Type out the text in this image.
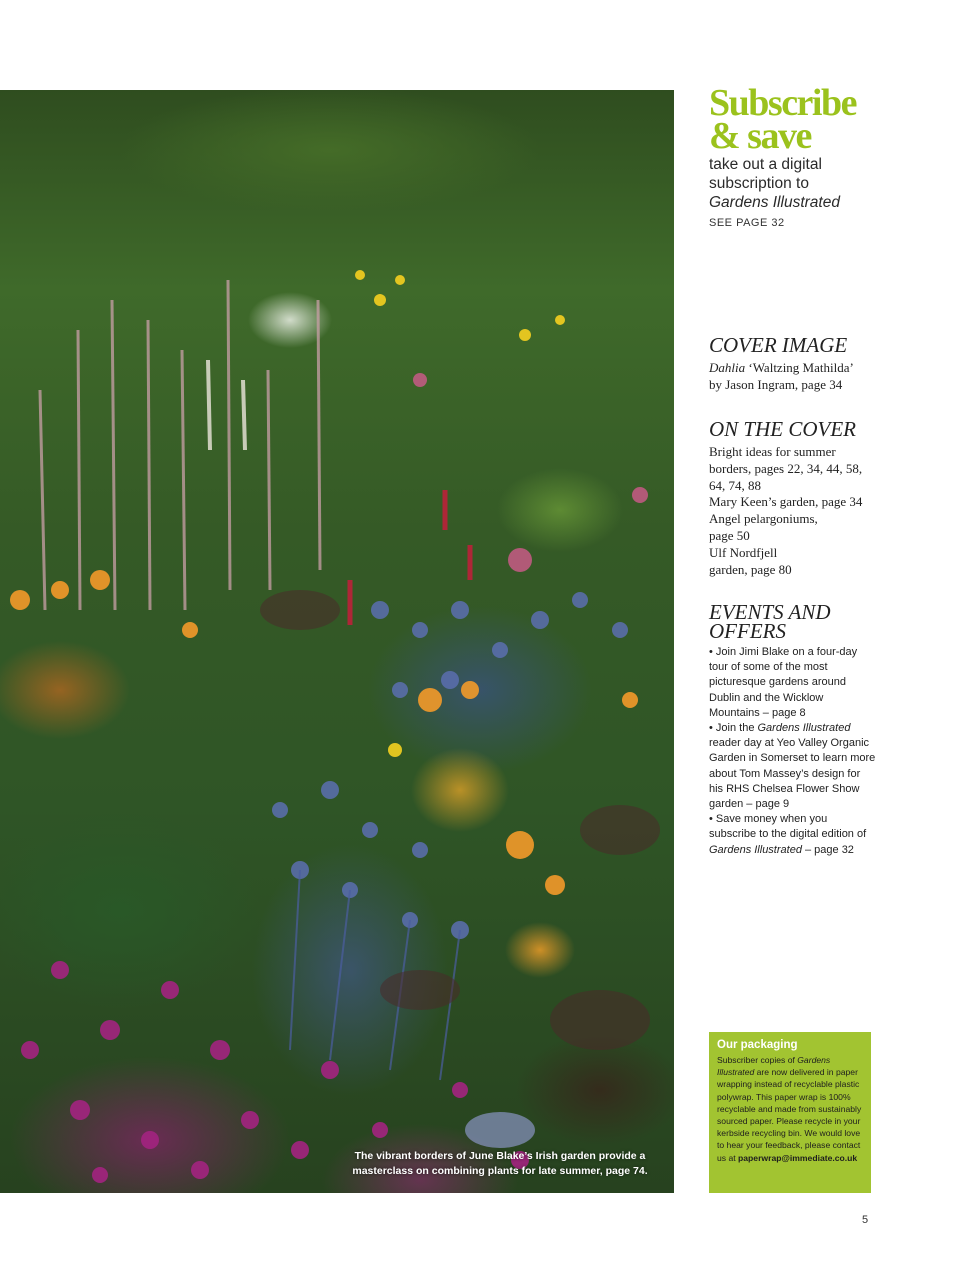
The vibrant borders of June Blake’s Irish garden provide a masterclass on combining plants for late summer, page 74.
Subscribe
& save
take out a digital
subscription to
Gardens Illustrated
SEE PAGE 32
COVER IMAGE
Dahlia ‘Waltzing Mathilda’
by Jason Ingram, page 34
ON THE COVER
Bright ideas for summer
borders, pages 22, 34, 44, 58,
64, 74, 88
Mary Keen’s garden, page 34
Angel pelargoniums,
page 50
Ulf Nordfjell
garden, page 80
EVENTS AND
OFFERS

• Join Jimi Blake on a four-day tour of some of the most picturesque gardens around Dublin and the Wicklow Mountains – page 8

• Join the Gardens Illustrated reader day at Yeo Valley Organic Garden in Somerset to learn more about Tom Massey’s design for his RHS Chelsea Flower Show garden – page 9

• Save money when you subscribe to the digital edition of Gardens Illustrated – page 32

Our packaging
Subscriber copies of Gardens Illustrated are now delivered in paper wrapping instead of recyclable plastic polywrap. This paper wrap is 100% recyclable and made from sustainably sourced paper. Please recycle in your kerbside recycling bin. We would love to hear your feedback, please contact us at paperwrap@immediate.co.uk
5
